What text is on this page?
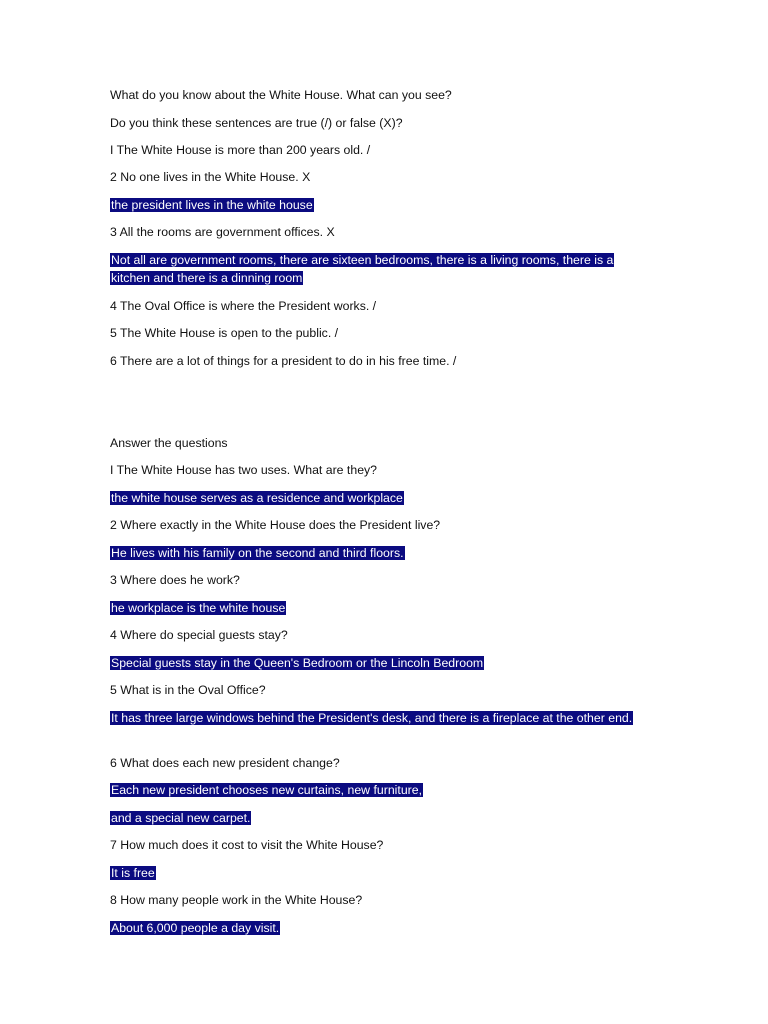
What do you know about the White House. What can you see?
Do you think these sentences are true (/) or false (X)?
I The White House is more than 200 years old. /
2 No one lives in the White House. X
the president lives in the white house
3 All the rooms are government offices. X
Not all are government rooms, there are sixteen bedrooms, there is a living rooms, there is a kitchen and there is a dinning room
4 The Oval Office is where the President works. /
5 The White House is open to the public. /
6 There are a lot of things for a president to do in his free time. /
Answer the questions
I The White House has two uses. What are they?
the white house serves as a residence and workplace
2 Where exactly in the White House does the President live?
He lives with his family on the second and third floors.
3 Where does he work?
he workplace is the white house
4 Where do special guests stay?
Special guests stay in the Queen's Bedroom or the Lincoln Bedroom
5 What is in the Oval Office?
It has three large windows behind the President's desk, and there is a fireplace at the other end.
6 What does each new president change?
Each new president chooses new curtains, new furniture,
and a special new carpet.
7 How much does it cost to visit the White House?
It is free
8 How many people work in the White House?
About 6,000 people a day visit.
